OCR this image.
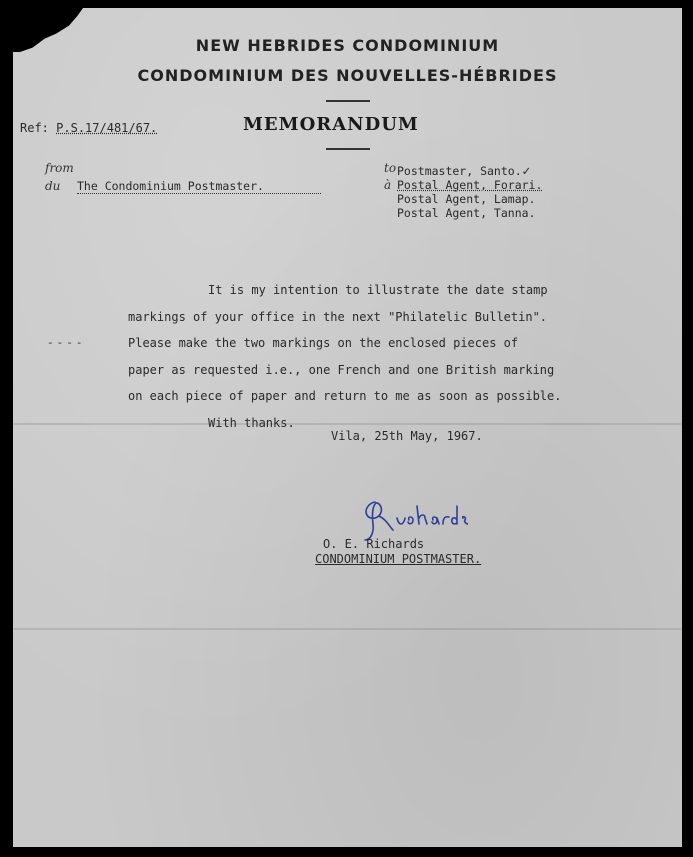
NEW HEBRIDES CONDOMINIUM
CONDOMINIUM DES NOUVELLES-HÉBRIDES
Ref: P.S.17/481/67.	MEMORANDUM
from
du The Condominium Postmaster.
to
à
Postmaster, Santo.✓
Postal Agent, Forari.
Postal Agent, Lamap.
Postal Agent, Tanna.
----
It is my intention to illustrate the date stamp
markings of your office in the next "Philatelic Bulletin".
Please make the two markings on the enclosed pieces of
paper as requested i.e., one French and one British marking
on each piece of paper and return to me as soon as possible.
With thanks.
Vila, 25th May, 1967.
O. E. Richards
CONDOMINIUM POSTMASTER.
